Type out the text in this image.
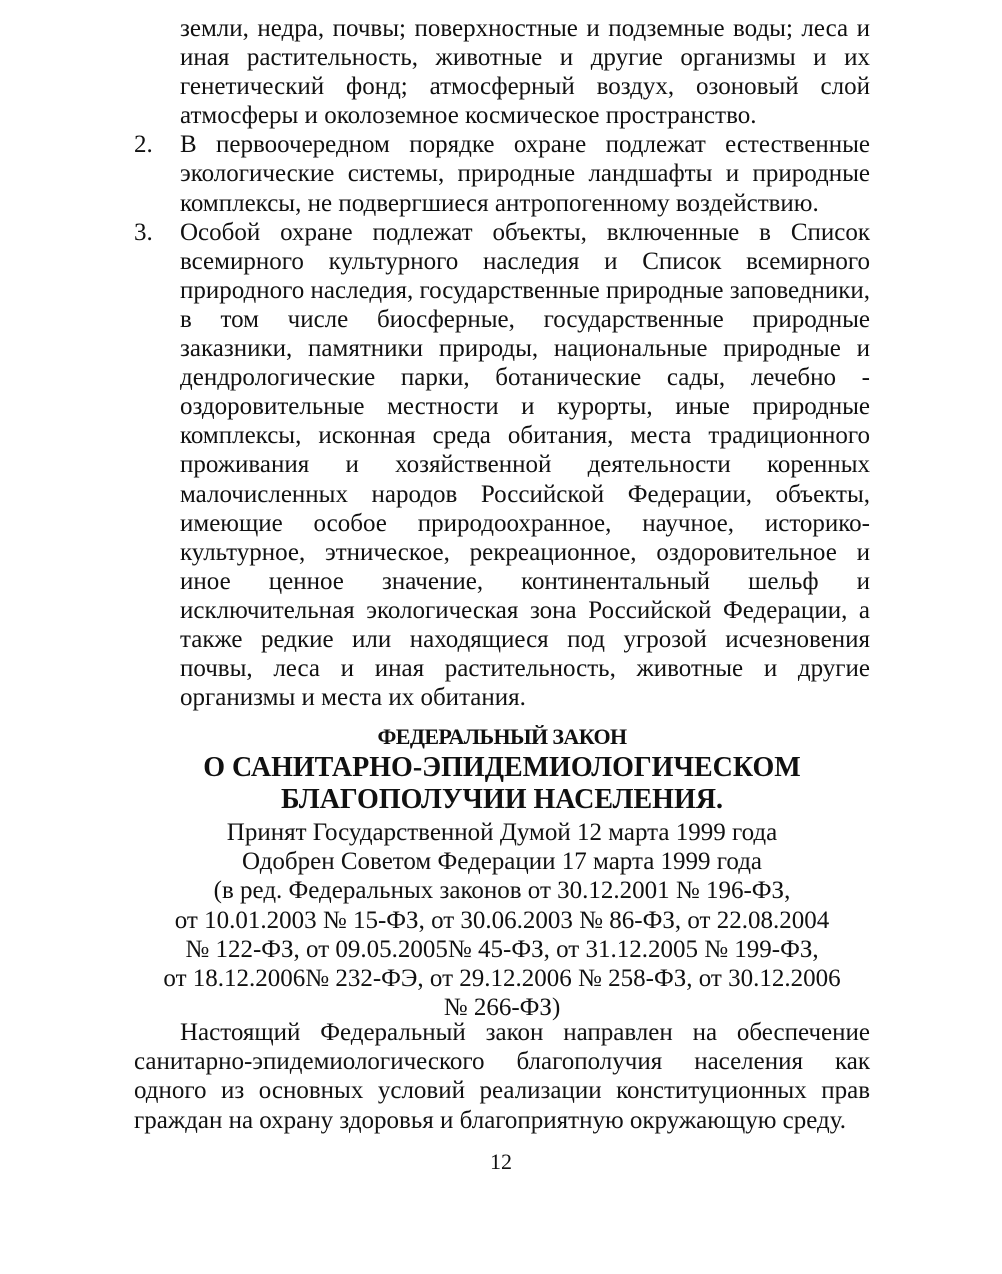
земли, недра, почвы; поверхностные и подземные воды; леса и иная растительность, животные и другие организмы и их генетический фонд; атмосферный воздух, озоновый слой атмосферы и околоземное космическое пространство.
2.	В первоочередном порядке охране подлежат естественные экологические системы, природные ландшафты и природные комплексы, не подвергшиеся антропогенному воздействию.
3.	Особой охране подлежат объекты, включенные в Список всемирного культурного наследия и Список всемирного природного наследия, государственные природные заповедники, в том числе биосферные, государственные природные заказники, памятники природы, национальные природные и дендрологические парки, ботанические сады, лечебно - оздоровительные местности и курорты, иные природные комплексы, исконная среда обитания, места традиционного проживания и хозяйственной деятельности коренных малочисленных народов Российской Федерации, объекты, имеющие особое природоохранное, научное, историко-культурное, этническое, рекреационное, оздоровительное и иное ценное значение, континентальный шельф и исключительная экологическая зона Российской Федерации, а также редкие или находящиеся под угрозой исчезновения почвы, леса и иная растительность, животные и другие организмы и места их обитания.
ФЕДЕРАЛЬНЫЙ ЗАКОН
О САНИТАРНО-ЭПИДЕМИОЛОГИЧЕСКОМ
БЛАГОПОЛУЧИИ НАСЕЛЕНИЯ.
Принят Государственной Думой 12 марта 1999 года
Одобрен Советом Федерации 17 марта 1999 года
(в ред. Федеральных законов от 30.12.2001 № 196-ФЗ,
от 10.01.2003 № 15-ФЗ, от 30.06.2003 № 86-ФЗ, от 22.08.2004
№ 122-ФЗ, от 09.05.2005№ 45-ФЗ, от 31.12.2005 № 199-ФЗ,
от 18.12.2006№ 232-ФЭ, от 29.12.2006 № 258-ФЗ, от 30.12.2006
№ 266-ФЗ)
Настоящий Федеральный закон направлен на обеспечение санитарно-эпидемиологического благополучия населения как одного из основных условий реализации конституционных прав граждан на охрану здоровья и благоприятную окружающую среду.
12
